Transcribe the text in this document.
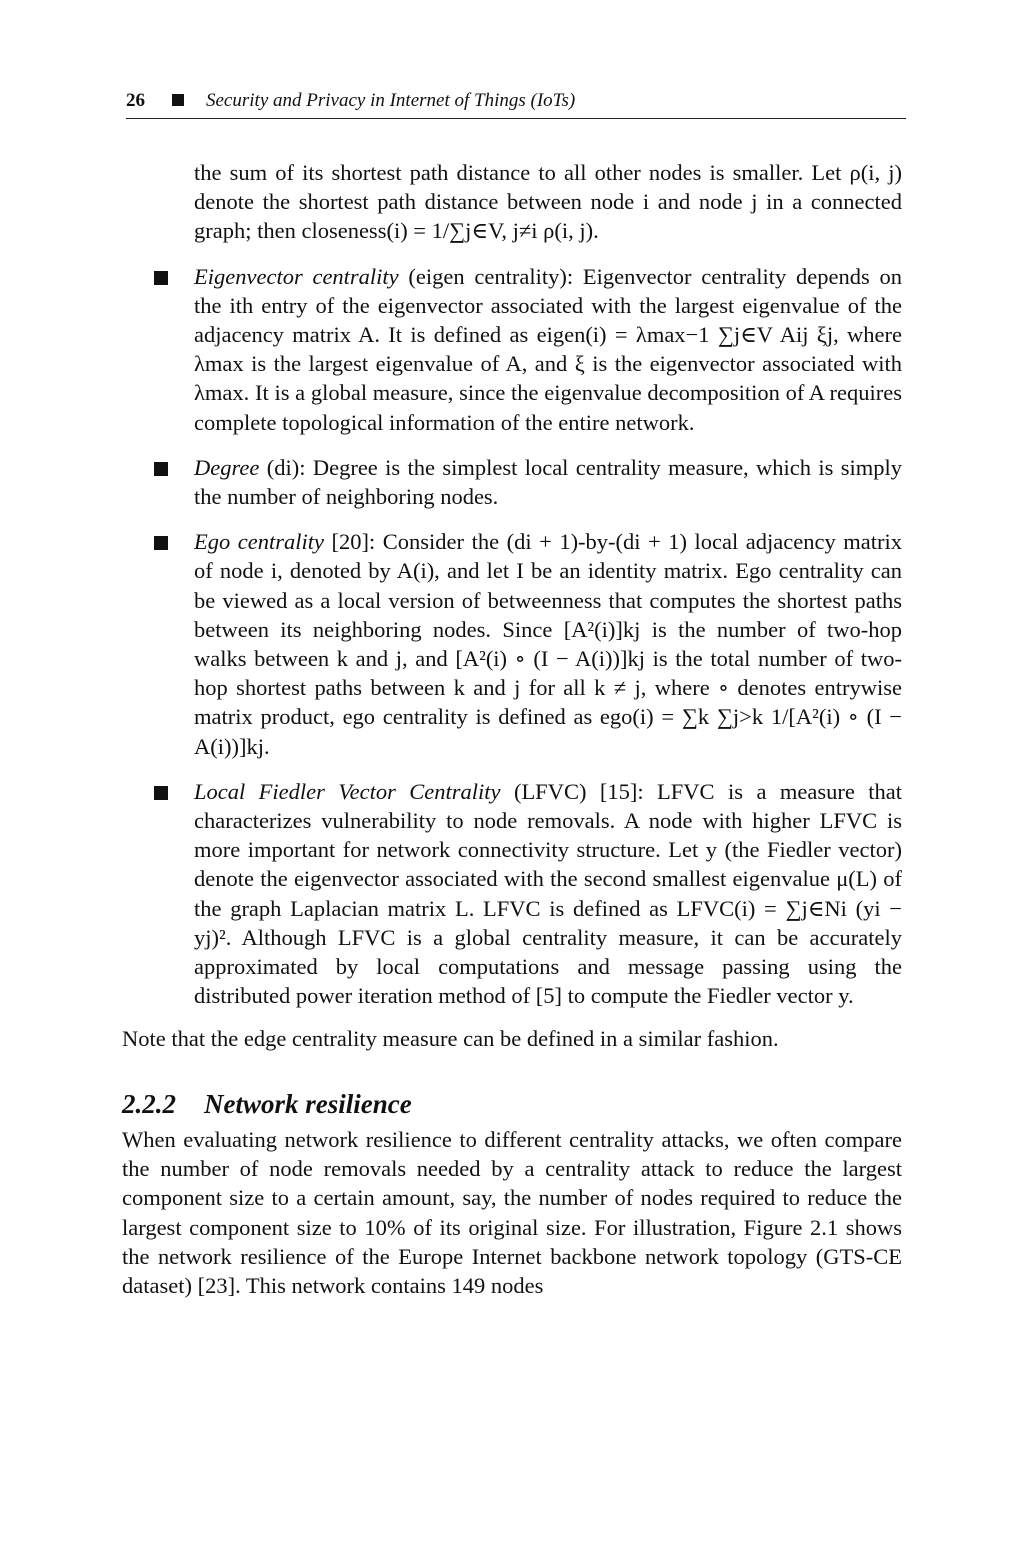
26	Security and Privacy in Internet of Things (IoTs)

the sum of its shortest path distance to all other nodes is smaller. Let ρ(i, j) denote the shortest path distance between node i and node j in a connected graph; then closeness(i) = 1/∑j∈V, j≠i ρ(i, j).

Eigenvector centrality (eigen centrality): Eigenvector centrality depends on the ith entry of the eigenvector associated with the largest eigenvalue of the adjacency matrix A. It is defined as eigen(i) = λmax−1 ∑j∈V Aij ξj, where λmax is the largest eigenvalue of A, and ξ is the eigenvector associated with λmax. It is a global measure, since the eigenvalue decomposition of A requires complete topological information of the entire network.

Degree (di): Degree is the simplest local centrality measure, which is simply the number of neighboring nodes.

Ego centrality [20]: Consider the (di + 1)-by-(di + 1) local adjacency matrix of node i, denoted by A(i), and let I be an identity matrix. Ego centrality can be viewed as a local version of betweenness that computes the shortest paths between its neighboring nodes. Since [A²(i)]kj is the number of two-hop walks between k and j, and [A²(i) ∘ (I − A(i))]kj is the total number of two-hop shortest paths between k and j for all k ≠ j, where ∘ denotes entrywise matrix product, ego centrality is defined as ego(i) = ∑k ∑j>k 1/[A²(i) ∘ (I − A(i))]kj.

Local Fiedler Vector Centrality (LFVC) [15]: LFVC is a measure that characterizes vulnerability to node removals. A node with higher LFVC is more important for network connectivity structure. Let y (the Fiedler vector) denote the eigenvector associated with the second smallest eigenvalue μ(L) of the graph Laplacian matrix L. LFVC is defined as LFVC(i) = ∑j∈Ni (yi − yj)². Although LFVC is a global centrality measure, it can be accurately approximated by local computations and message passing using the distributed power iteration method of [5] to compute the Fiedler vector y.

Note that the edge centrality measure can be defined in a similar fashion.

2.2.2 Network resilience

When evaluating network resilience to different centrality attacks, we often compare the number of node removals needed by a centrality attack to reduce the largest component size to a certain amount, say, the number of nodes required to reduce the largest component size to 10% of its original size. For illustration, Figure 2.1 shows the network resilience of the Europe Internet backbone network topology (GTS-CE dataset) [23]. This network contains 149 nodes
